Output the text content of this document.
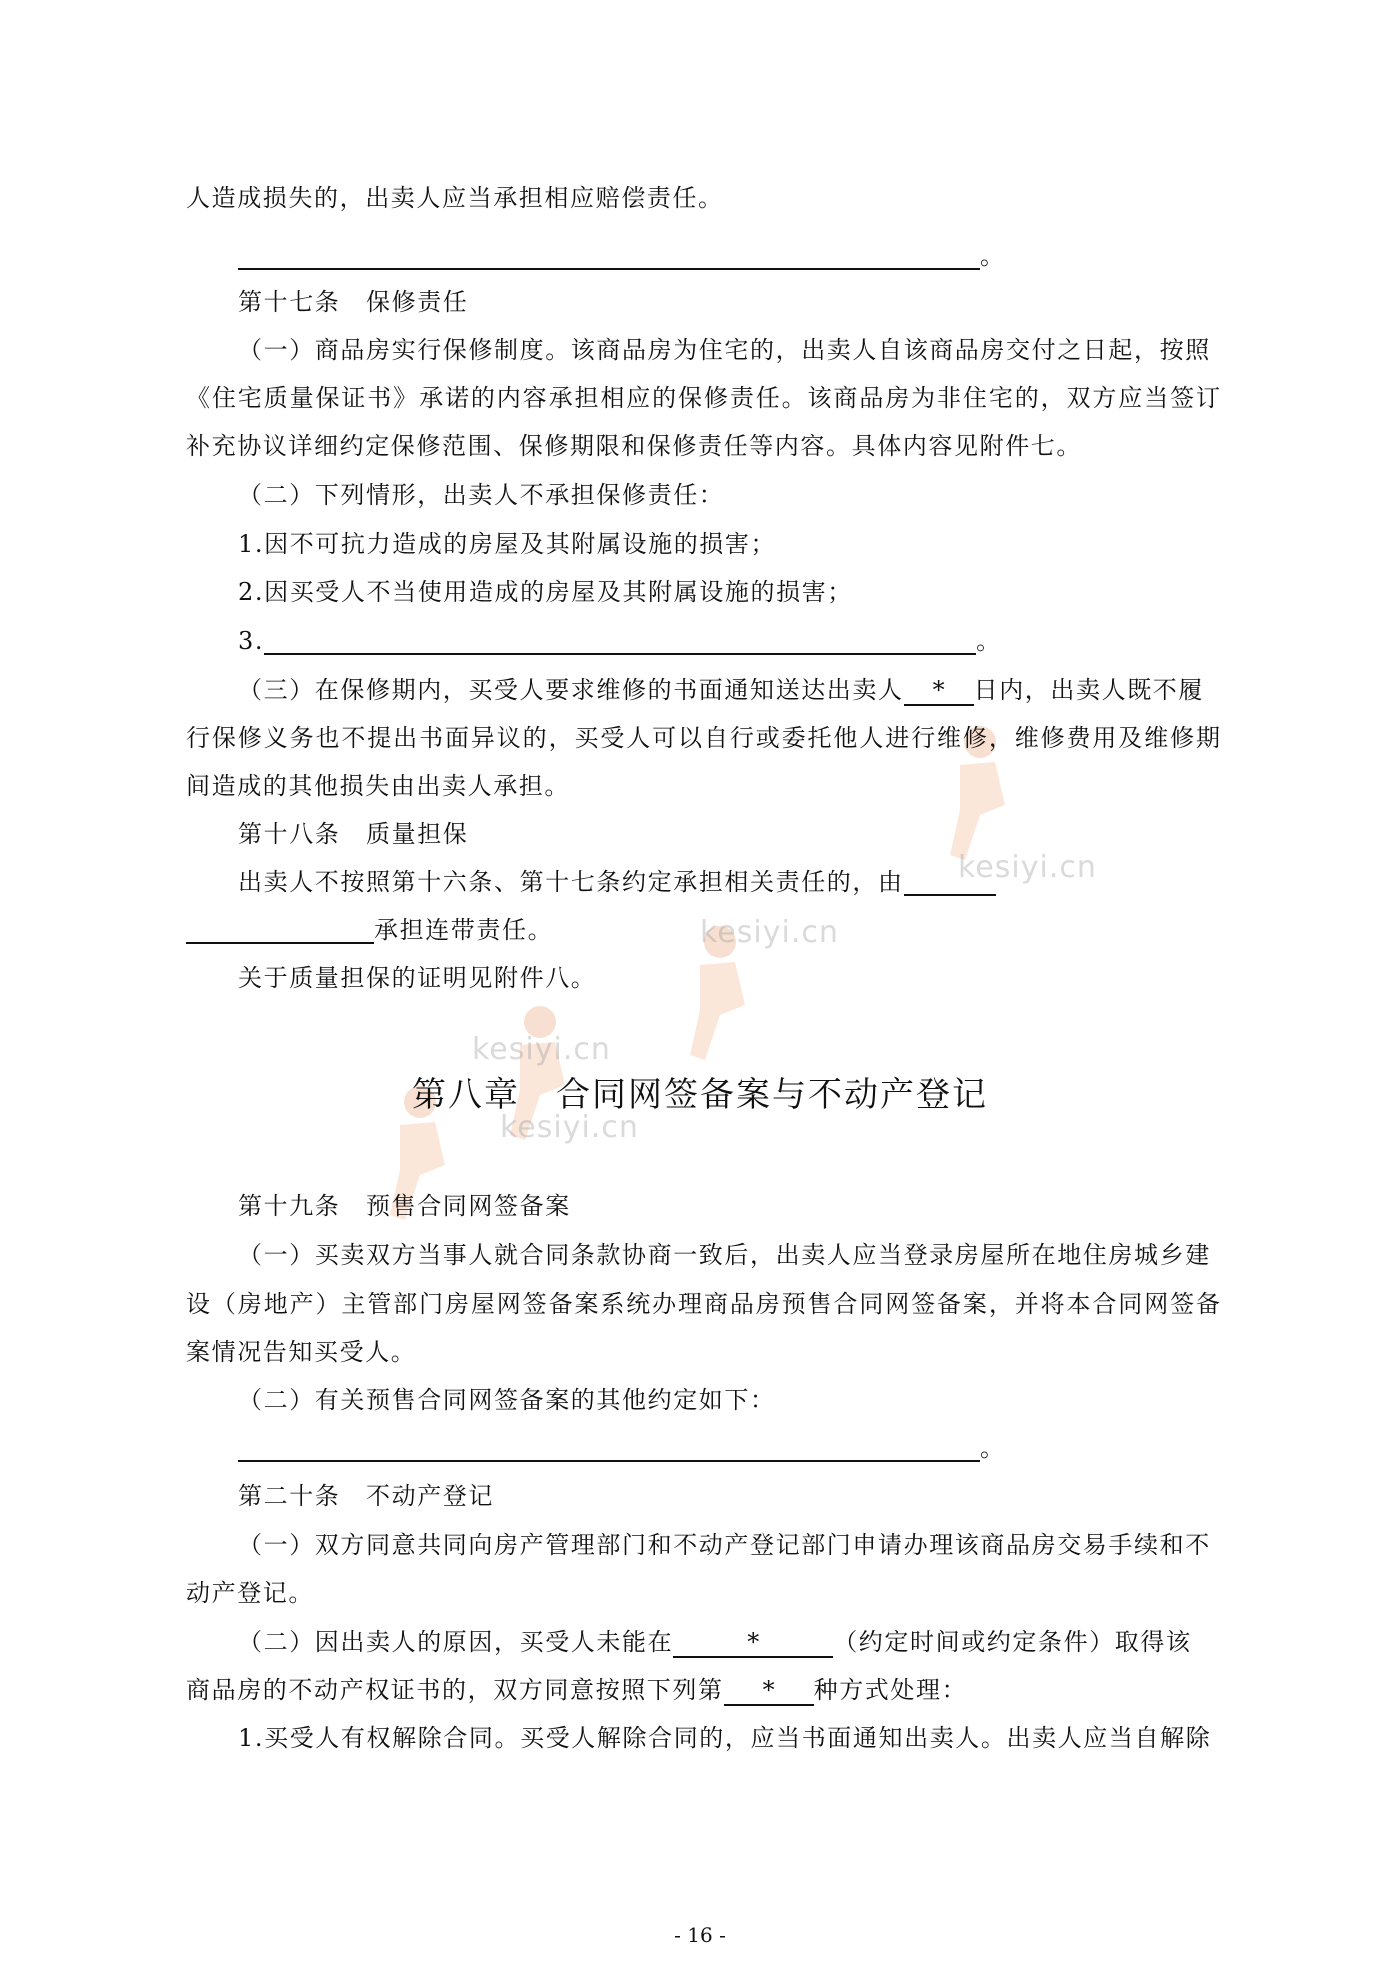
kesiyi.cn
kesiyi.cn
kesiyi.cn
kesiyi.cn

人造成损失的，出卖人应当承担相应赔偿责任。

。

第十七条　保修责任

（一）商品房实行保修制度。该商品房为住宅的，出卖人自该商品房交付之日起，按照

《住宅质量保证书》承诺的内容承担相应的保修责任。该商品房为非住宅的，双方应当签订

补充协议详细约定保修范围、保修期限和保修责任等内容。具体内容见附件七。

（二）下列情形，出卖人不承担保修责任：

1.因不可抗力造成的房屋及其附属设施的损害；

2.因买受人不当使用造成的房屋及其附属设施的损害；

3.	。

（三）在保修期内，买受人要求维修的书面通知送达出卖人 * 日内，出卖人既不履

行保修义务也不提出书面异议的，买受人可以自行或委托他人进行维修，维修费用及维修期

间造成的其他损失由出卖人承担。

第十八条　质量担保

出卖人不按照第十六条、第十七条约定承担相关责任的，由

承担连带责任。

关于质量担保的证明见附件八。

第八章　合同网签备案与不动产登记

第十九条　预售合同网签备案

（一）买卖双方当事人就合同条款协商一致后，出卖人应当登录房屋所在地住房城乡建

设（房地产）主管部门房屋网签备案系统办理商品房预售合同网签备案，并将本合同网签备

案情况告知买受人。

（二）有关预售合同网签备案的其他约定如下：

。

第二十条　不动产登记

（一）双方同意共同向房产管理部门和不动产登记部门申请办理该商品房交易手续和不

动产登记。

（二）因出卖人的原因，买受人未能在	*	（约定时间或约定条件）取得该

商品房的不动产权证书的，双方同意按照下列第 * 种方式处理：

1.买受人有权解除合同。买受人解除合同的，应当书面通知出卖人。出卖人应当自解除

- 16 -
